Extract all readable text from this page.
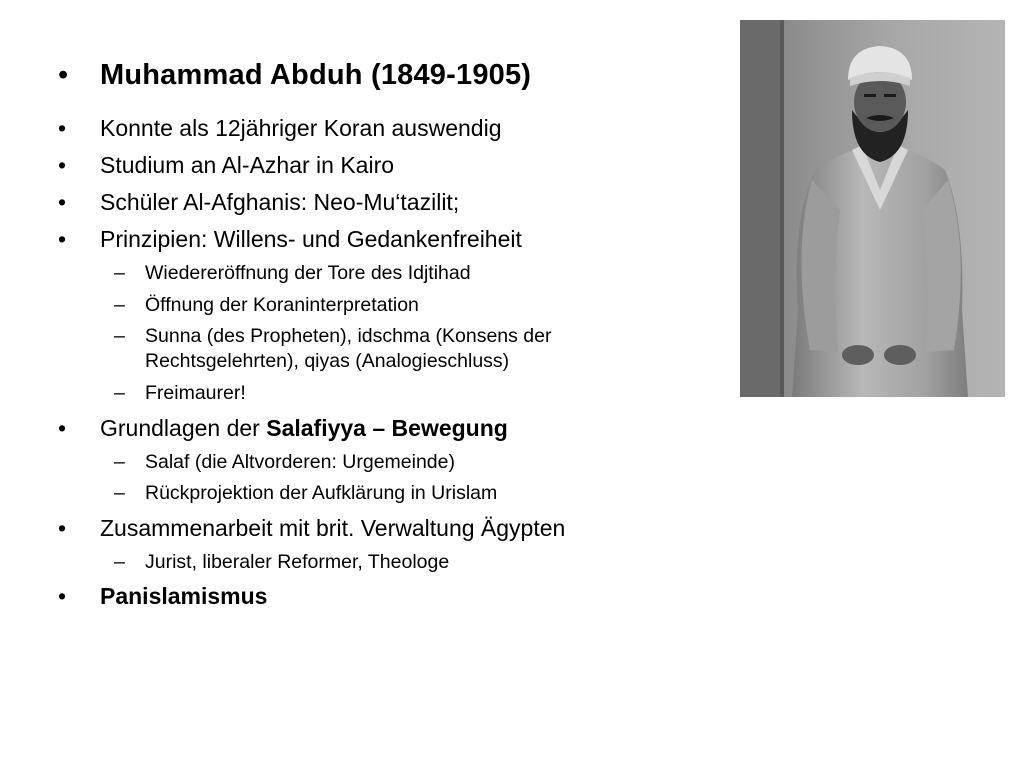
• Muhammad Abduh (1849-1905)
• Konnte als 12jähriger Koran auswendig
• Studium an Al-Azhar in Kairo
• Schüler Al-Afghanis: Neo-Mu‘tazilit;
• Prinzipien: Willens- und Gedankenfreiheit
– Wiedereröffnung der Tore des Idjtihad
– Öffnung der Koraninterpretation
– Sunna (des Propheten), idschma (Konsens der Rechtsgelehrten), qiyas (Analogieschluss)
– Freimaurer!
• Grundlagen der Salafiyya – Bewegung
– Salaf (die Altvorderen: Urgemeinde)
– Rückprojektion der Aufklärung in Urislam
• Zusammenarbeit mit brit. Verwaltung Ägypten
– Jurist, liberaler Reformer, Theologe
• Panislamismus
